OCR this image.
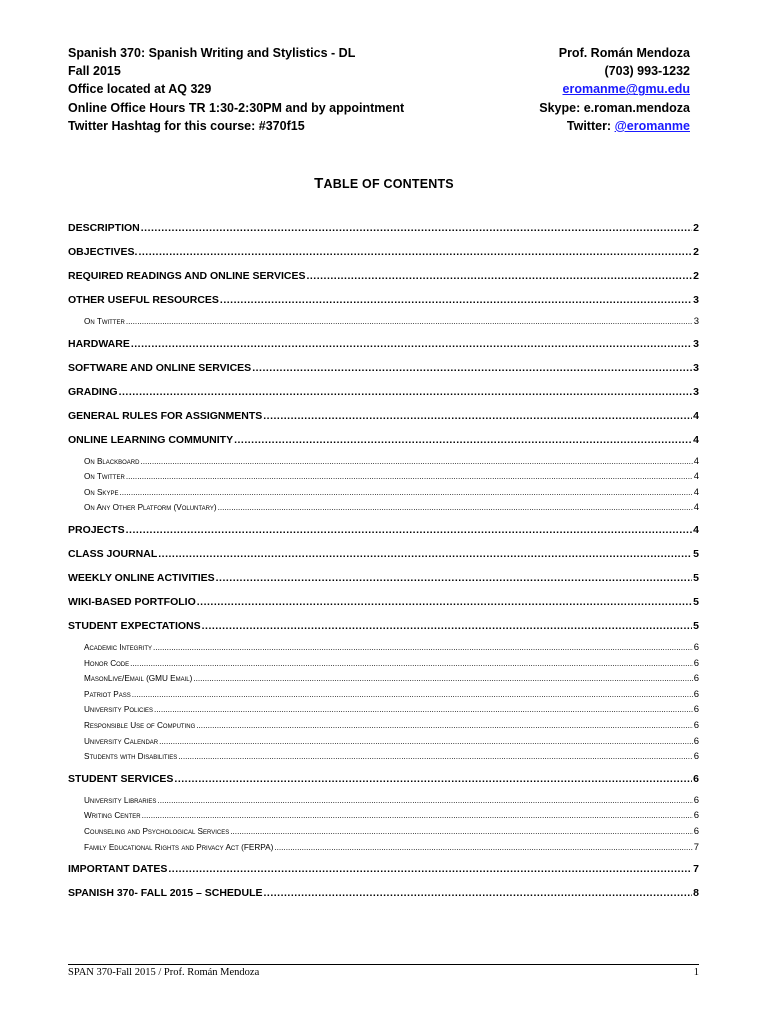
Spanish 370: Spanish Writing and Stylistics - DL
Fall 2015
Office located at AQ 329
Online Office Hours TR 1:30-2:30PM and by appointment
Twitter Hashtag for this course: #370f15
Prof. Román Mendoza
(703) 993-1232
eromanme@gmu.edu
Skype: e.roman.mendoza
Twitter: @eromanme
TABLE OF CONTENTS
DESCRIPTION .....	2
OBJECTIVES. .....	2
REQUIRED READINGS AND ONLINE SERVICES .....	2
OTHER USEFUL RESOURCES .....	3
On Twitter .....	3
HARDWARE .....	3
SOFTWARE AND ONLINE SERVICES .....	3
GRADING .....	3
GENERAL RULES FOR ASSIGNMENTS .....	4
ONLINE LEARNING COMMUNITY .....	4
On Blackboard .....	4
On Twitter .....	4
On Skype .....	4
On Any Other Platform (Voluntary) .....	4
PROJECTS .....	4
CLASS JOURNAL .....	5
WEEKLY ONLINE ACTIVITIES .....	5
WIKI-BASED PORTFOLIO .....	5
STUDENT EXPECTATIONS .....	5
Academic Integrity .....	6
Honor Code .....	6
MasonLive/Email (GMU Email) .....	6
Patriot Pass .....	6
University Policies .....	6
Responsible Use of Computing .....	6
University Calendar .....	6
Students with Disabilities .....	6
STUDENT SERVICES .....	6
University Libraries .....	6
Writing Center .....	6
Counseling and Psychological Services .....	6
Family Educational Rights and Privacy Act (FERPA) .....	7
IMPORTANT DATES .....	7
SPANISH 370- FALL 2015 – SCHEDULE .....	8
SPAN 370-Fall 2015 / Prof. Román Mendoza	1
